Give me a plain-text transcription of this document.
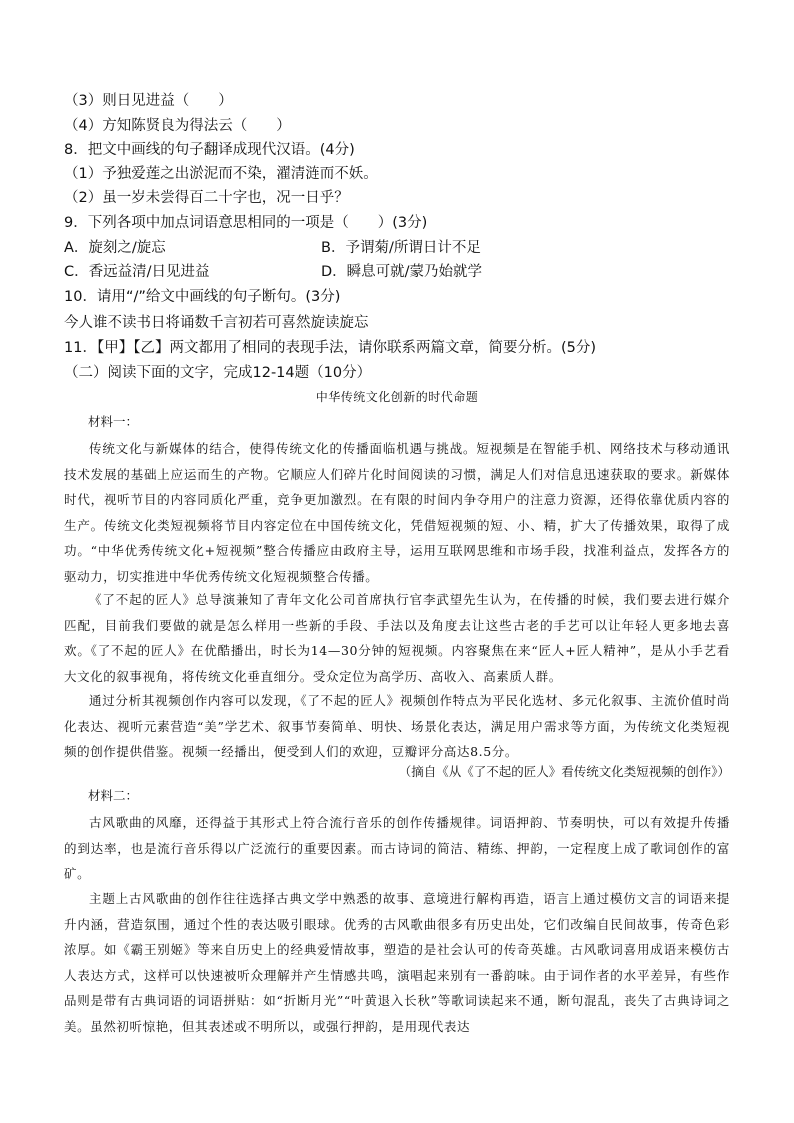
（3）则日见进益（　　）
（4）方知陈贤良为得法云（　　）
8．把文中画线的句子翻译成现代汉语。(4分)
（1）予独爱莲之出淤泥而不染，濯清涟而不妖。
（2）虽一岁未尝得百二十字也，况一日乎？
9．下列各项中加点词语意思相同的一项是（　　）(3分)
A．旋刻之/旋忘	B．予谓菊/所谓日计不足
C．香远益清/日见进益	D．瞬息可就/蒙乃始就学
10．请用“/”给文中画线的句子断句。(3分)
今人谁不读书日将诵数千言初若可喜然旋读旋忘
11．【甲】【乙】两文都用了相同的表现手法，请你联系两篇文章，简要分析。(5分)
（二）阅读下面的文字，完成12-14题（10分）
中华传统文化创新的时代命题
材料一：

传统文化与新媒体的结合，使得传统文化的传播面临机遇与挑战。短视频是在智能手机、网络技术与移动通讯技术发展的基础上应运而生的产物。它顺应人们碎片化时间阅读的习惯，满足人们对信息迅速获取的要求。新媒体时代，视听节目的内容同质化严重，竞争更加激烈。在有限的时间内争夺用户的注意力资源，还得依靠优质内容的生产。传统文化类短视频将节目内容定位在中国传统文化，凭借短视频的短、小、精，扩大了传播效果，取得了成功。“中华优秀传统文化+短视频”整合传播应由政府主导，运用互联网思维和市场手段，找准利益点，发挥各方的驱动力，切实推进中华优秀传统文化短视频整合传播。

《了不起的匠人》总导演兼知了青年文化公司首席执行官李武望先生认为，在传播的时候，我们要去进行媒介匹配，目前我们要做的就是怎么样用一些新的手段、手法以及角度去让这些古老的手艺可以让年轻人更多地去喜欢。《了不起的匠人》在优酷播出，时长为14—30分钟的短视频。内容聚焦在来“匠人+匠人精神”，是从小手艺看大文化的叙事视角，将传统文化垂直细分。受众定位为高学历、高收入、高素质人群。

通过分析其视频创作内容可以发现，《了不起的匠人》视频创作特点为平民化选材、多元化叙事、主流价值时尚化表达、视听元素营造“美”学艺术、叙事节奏简单、明快、场景化表达，满足用户需求等方面，为传统文化类短视频的创作提供借鉴。视频一经播出，便受到人们的欢迎，豆瓣评分高达8.5分。

（摘自《从《了不起的匠人》看传统文化类短视频的创作》）
材料二：

古风歌曲的风靡，还得益于其形式上符合流行音乐的创作传播规律。词语押韵、节奏明快，可以有效提升传播的到达率，也是流行音乐得以广泛流行的重要因素。而古诗词的简洁、精练、押韵，一定程度上成了歌词创作的富矿。

主题上古风歌曲的创作往往选择古典文学中熟悉的故事、意境进行解构再造，语言上通过模仿文言的词语来提升内涵，营造氛围，通过个性的表达吸引眼球。优秀的古风歌曲很多有历史出处，它们改编自民间故事，传奇色彩浓厚。如《霸王别姬》等来自历史上的经典爱情故事，塑造的是社会认可的传奇英雄。古风歌词喜用成语来模仿古人表达方式，这样可以快速被听众理解并产生情感共鸣，演唱起来别有一番韵味。由于词作者的水平差异，有些作品则是带有古典词语的词语拼贴：如“折断月光”“叶黄退入长秋”等歌词读起来不通，断句混乱，丧失了古典诗词之美。虽然初听惊艳，但其表述或不明所以，或强行押韵，是用现代表达
